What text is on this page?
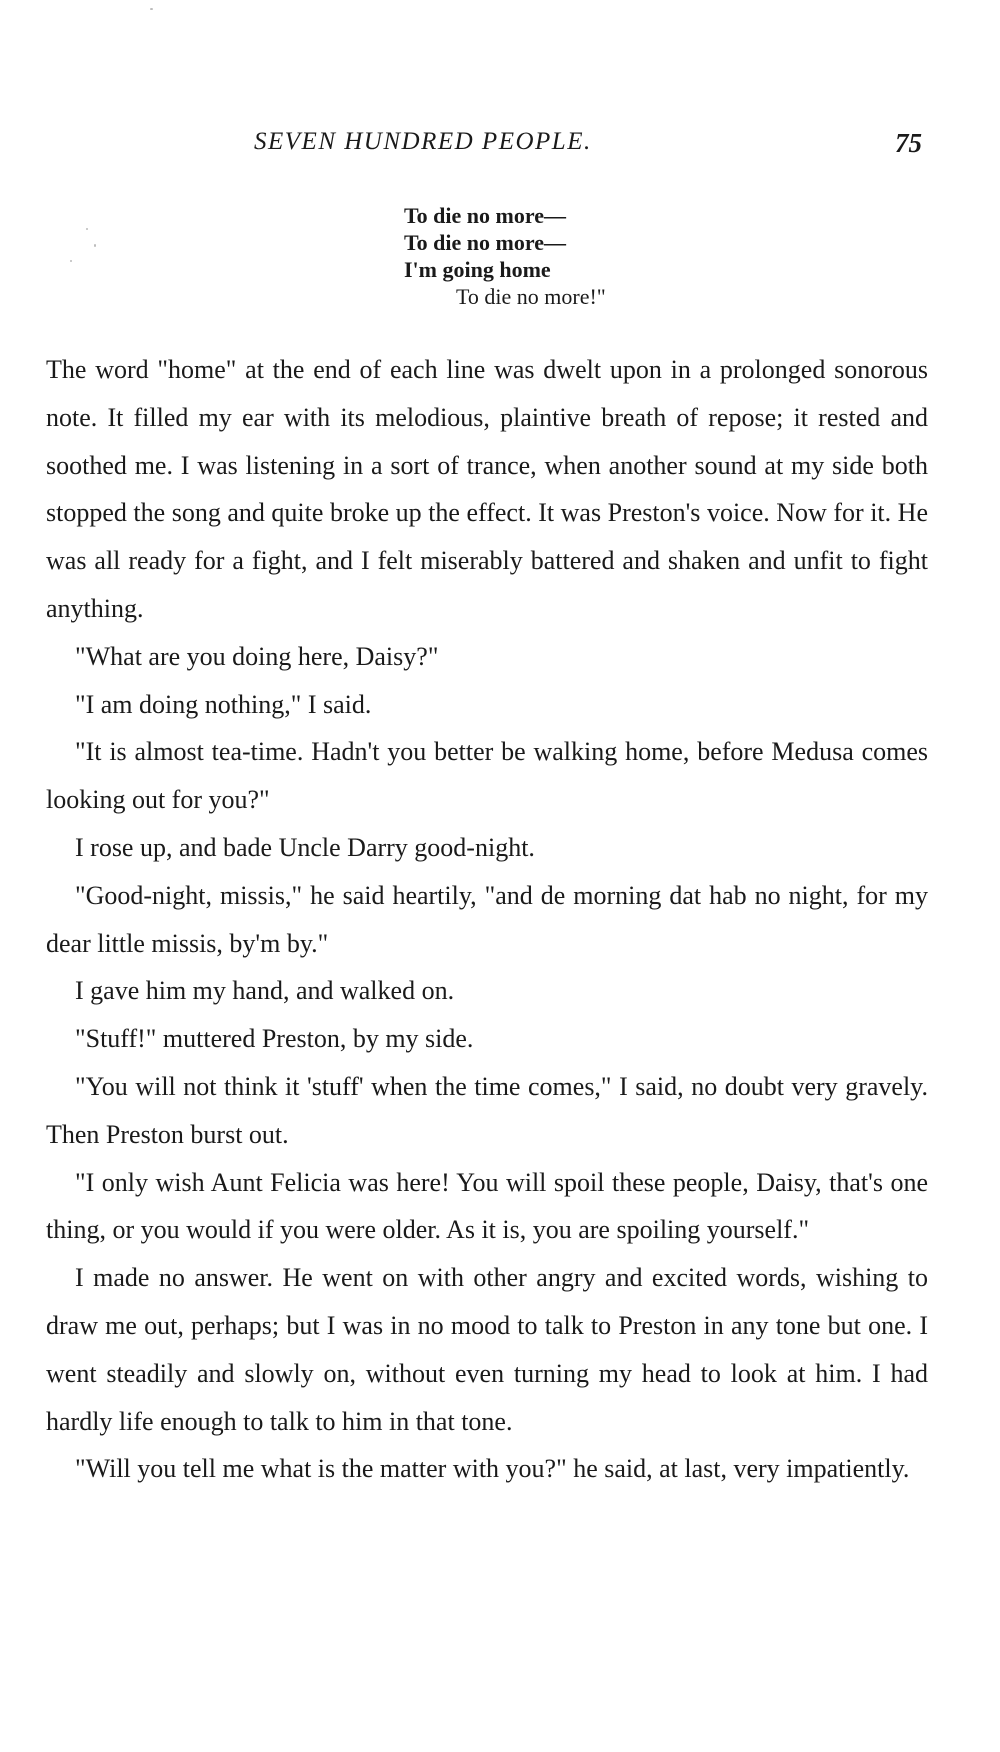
SEVEN HUNDRED PEOPLE.	75
To die no more—
To die no more—
I'm going home
To die no more!"

The word "home" at the end of each line was dwelt upon in a prolonged sonorous note. It filled my ear with its melodious, plaintive breath of repose; it rested and soothed me. I was listening in a sort of trance, when another sound at my side both stopped the song and quite broke up the effect. It was Preston's voice. Now for it. He was all ready for a fight, and I felt miserably battered and shaken and unfit to fight anything.

"What are you doing here, Daisy?"

"I am doing nothing," I said.

"It is almost tea-time. Hadn't you better be walking home, before Medusa comes looking out for you?"

I rose up, and bade Uncle Darry good-night.

"Good-night, missis," he said heartily, "and de morning dat hab no night, for my dear little missis, by'm by."

I gave him my hand, and walked on.

"Stuff!" muttered Preston, by my side.

"You will not think it 'stuff' when the time comes," I said, no doubt very gravely. Then Preston burst out.

"I only wish Aunt Felicia was here! You will spoil these people, Daisy, that's one thing, or you would if you were older. As it is, you are spoiling yourself."

I made no answer. He went on with other angry and excited words, wishing to draw me out, perhaps; but I was in no mood to talk to Preston in any tone but one. I went steadily and slowly on, without even turning my head to look at him. I had hardly life enough to talk to him in that tone.

"Will you tell me what is the matter with you?" he said, at last, very impatiently.
